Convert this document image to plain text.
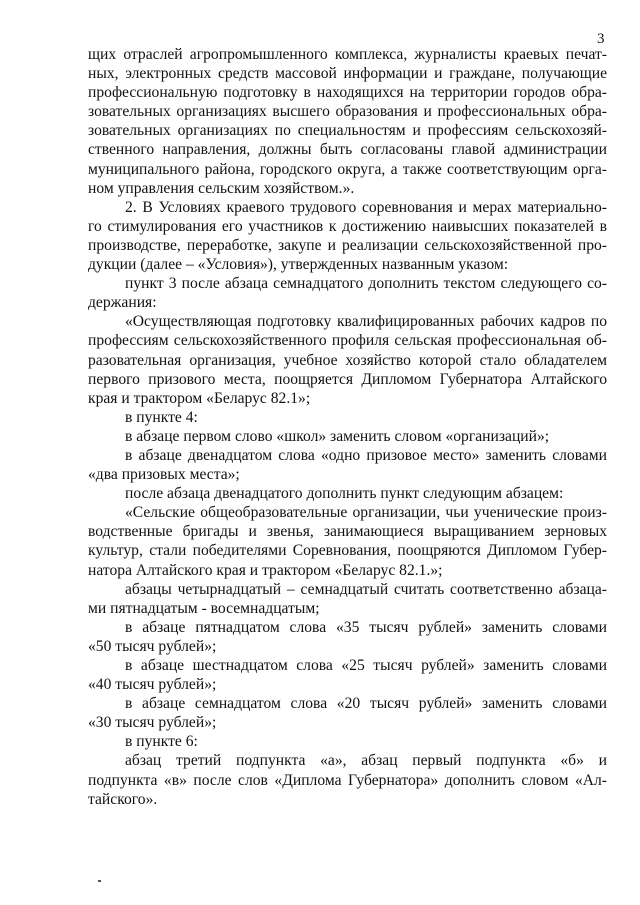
3
щих отраслей агропромышленного комплекса, журналисты краевых печат-
ных, электронных средств массовой информации и граждане, получающие
профессиональную подготовку в находящихся на территории городов обра-
зовательных организациях высшего образования и профессиональных обра-
зовательных организациях по специальностям и профессиям сельскохозяй-
ственного направления, должны быть согласованы главой администрации
муниципального района, городского округа, а также соответствующим орга-
ном управления сельским хозяйством.».
2. В Условиях краевого трудового соревнования и мерах материально-
го стимулирования его участников к достижению наивысших показателей в
производстве, переработке, закупе и реализации сельскохозяйственной про-
дукции (далее – «Условия»), утвержденных названным указом:
пункт 3 после абзаца семнадцатого дополнить текстом следующего со-
держания:
«Осуществляющая подготовку квалифицированных рабочих кадров по
профессиям сельскохозяйственного профиля сельская профессиональная об-
разовательная организация, учебное хозяйство которой стало обладателем
первого призового места, поощряется Дипломом Губернатора Алтайского
края и трактором «Беларус 82.1»;
в пункте 4:
в абзаце первом слово «школ» заменить словом «организаций»;
в абзаце двенадцатом слова «одно призовое место» заменить словами
«два призовых места»;
после абзаца двенадцатого дополнить пункт следующим абзацем:
«Сельские общеобразовательные организации, чьи ученические произ-
водственные бригады и звенья, занимающиеся выращиванием зерновых
культур, стали победителями Соревнования, поощряются Дипломом Губер-
натора Алтайского края и трактором «Беларус 82.1.»;
абзацы четырнадцатый – семнадцатый считать соответственно абзаца-
ми пятнадцатым - восемнадцатым;
в абзаце пятнадцатом слова «35 тысяч рублей» заменить словами
«50 тысяч рублей»;
в абзаце шестнадцатом слова «25 тысяч рублей» заменить словами
«40 тысяч рублей»;
в абзаце семнадцатом слова «20 тысяч рублей» заменить словами
«30 тысяч рублей»;
в пункте 6:
абзац третий подпункта «а», абзац первый подпункта «б» и
подпункта «в» после слов «Диплома Губернатора» дополнить словом «Ал-
тайского».
